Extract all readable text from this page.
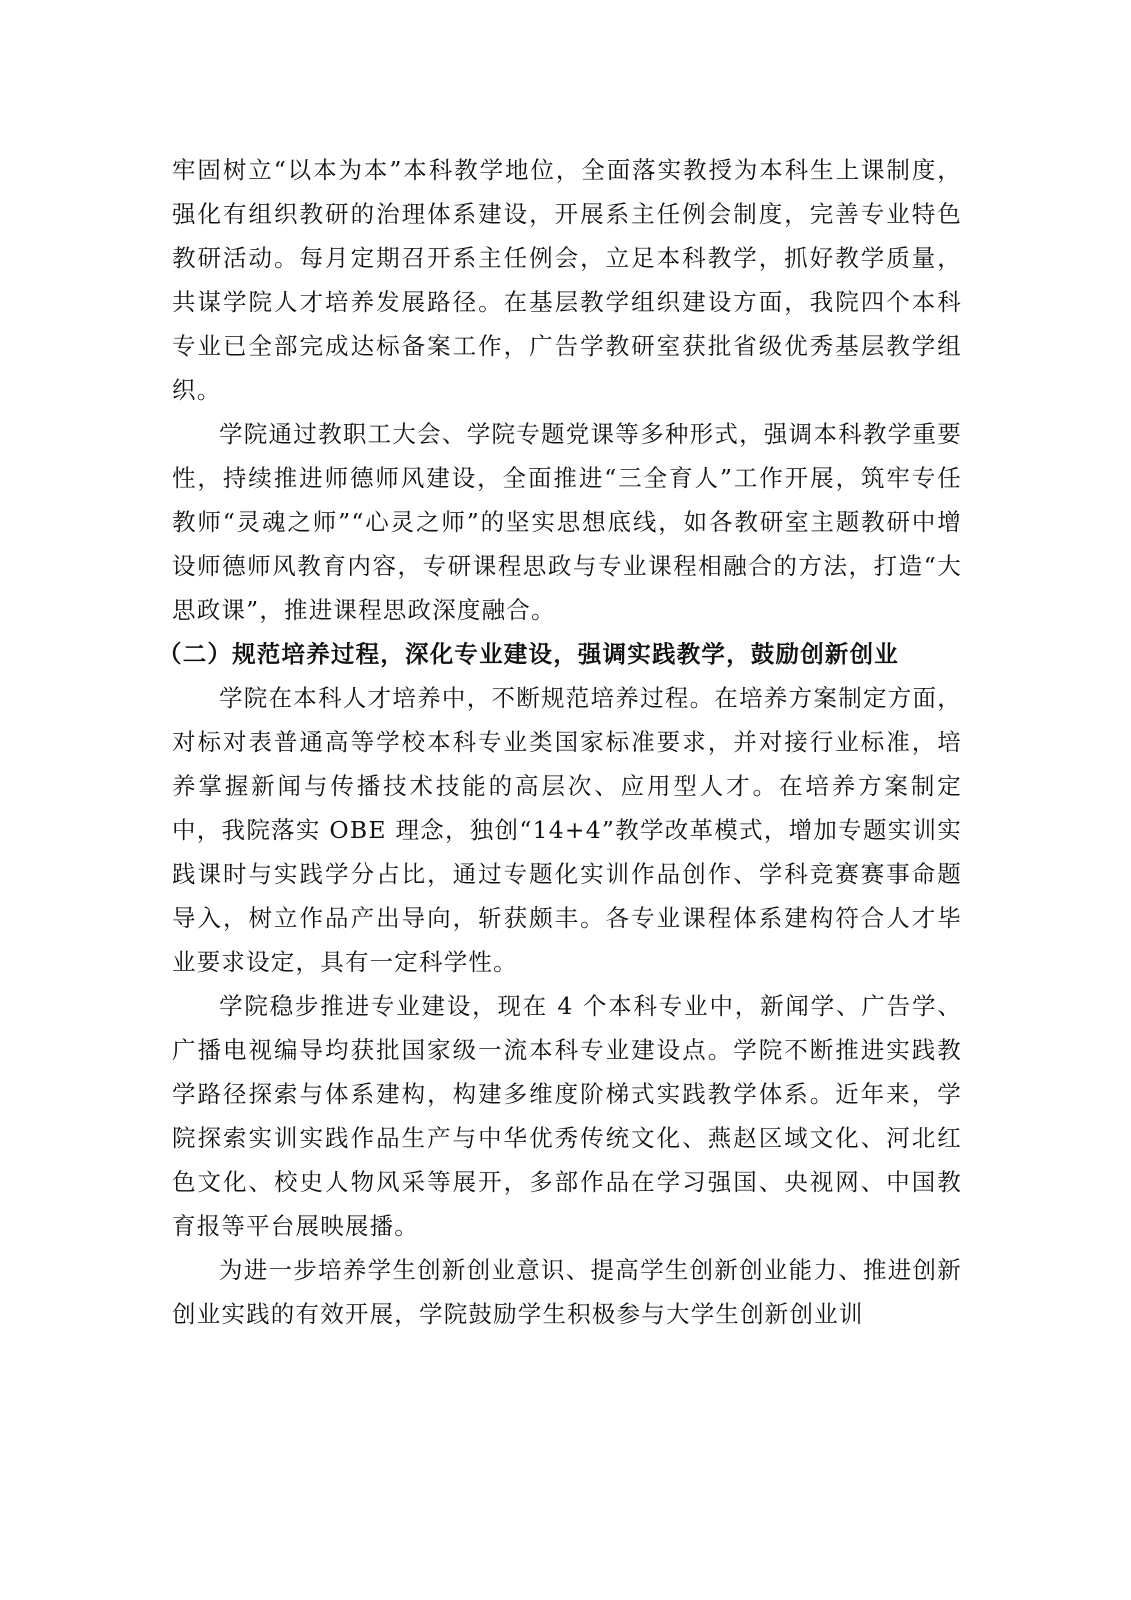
牢固树立“以本为本”本科教学地位，全面落实教授为本科生上课制度，强化有组织教研的治理体系建设，开展系主任例会制度，完善专业特色教研活动。每月定期召开系主任例会，立足本科教学，抓好教学质量，共谋学院人才培养发展路径。在基层教学组织建设方面，我院四个本科专业已全部完成达标备案工作，广告学教研室获批省级优秀基层教学组织。

学院通过教职工大会、学院专题党课等多种形式，强调本科教学重要性，持续推进师德师风建设，全面推进“三全育人”工作开展，筑牢专任教师“灵魂之师”“心灵之师”的坚实思想底线，如各教研室主题教研中增设师德师风教育内容，专研课程思政与专业课程相融合的方法，打造“大思政课”，推进课程思政深度融合。

（二）规范培养过程，深化专业建设，强调实践教学，鼓励创新创业

学院在本科人才培养中，不断规范培养过程。在培养方案制定方面，对标对表普通高等学校本科专业类国家标准要求，并对接行业标准，培养掌握新闻与传播技术技能的高层次、应用型人才。在培养方案制定中，我院落实 OBE 理念，独创“14+4”教学改革模式，增加专题实训实践课时与实践学分占比，通过专题化实训作品创作、学科竞赛赛事命题导入，树立作品产出导向，斩获颇丰。各专业课程体系建构符合人才毕业要求设定，具有一定科学性。

学院稳步推进专业建设，现在 4 个本科专业中，新闻学、广告学、广播电视编导均获批国家级一流本科专业建设点。学院不断推进实践教学路径探索与体系建构，构建多维度阶梯式实践教学体系。近年来，学院探索实训实践作品生产与中华优秀传统文化、燕赵区域文化、河北红色文化、校史人物风采等展开，多部作品在学习强国、央视网、中国教育报等平台展映展播。

为进一步培养学生创新创业意识、提高学生创新创业能力、推进创新创业实践的有效开展，学院鼓励学生积极参与大学生创新创业训
